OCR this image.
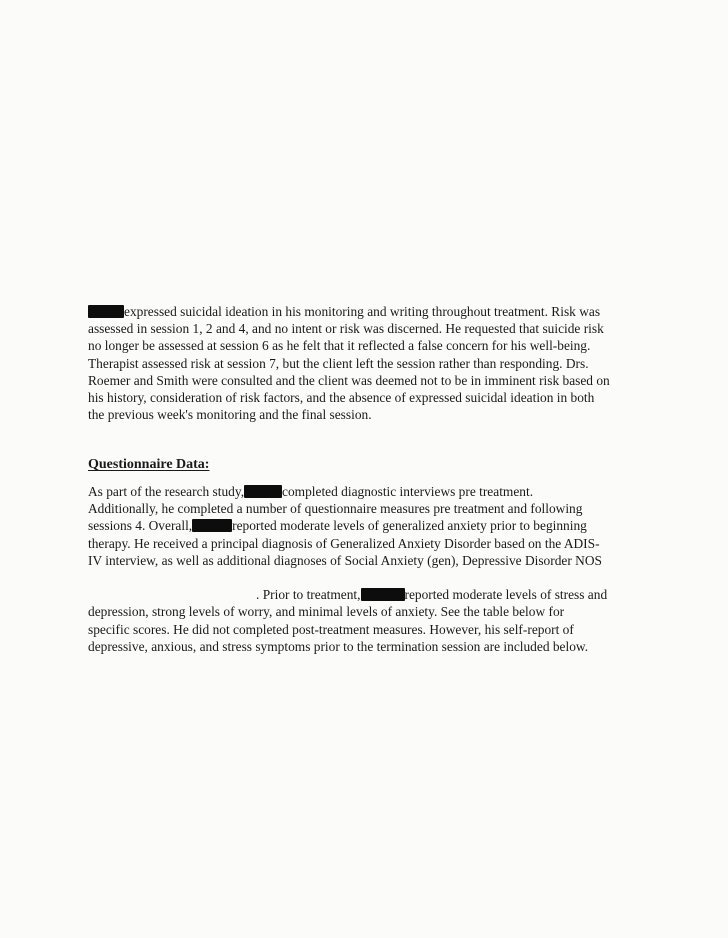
expressed suicidal ideation in his monitoring and writing throughout treatment. Risk was
assessed in session 1, 2 and 4, and no intent or risk was discerned. He requested that suicide risk
no longer be assessed at session 6 as he felt that it reflected a false concern for his well-being.
Therapist assessed risk at session 7, but the client left the session rather than responding. Drs.
Roemer and Smith were consulted and the client was deemed not to be in imminent risk based on
his history, consideration of risk factors, and the absence of expressed suicidal ideation in both
the previous week's monitoring and the final session.
Questionnaire Data:
As part of the research study,	completed diagnostic interviews pre treatment.
Additionally, he completed a number of questionnaire measures pre treatment and following
sessions 4. Overall,	reported moderate levels of generalized anxiety prior to beginning
therapy. He received a principal diagnosis of Generalized Anxiety Disorder based on the ADIS-
IV interview, as well as additional diagnoses of Social Anxiety (gen), Depressive Disorder NOS
. Prior to treatment,	reported moderate levels of stress and
depression, strong levels of worry, and minimal levels of anxiety. See the table below for
specific scores. He did not completed post-treatment measures. However, his self-report of
depressive, anxious, and stress symptoms prior to the termination session are included below.
